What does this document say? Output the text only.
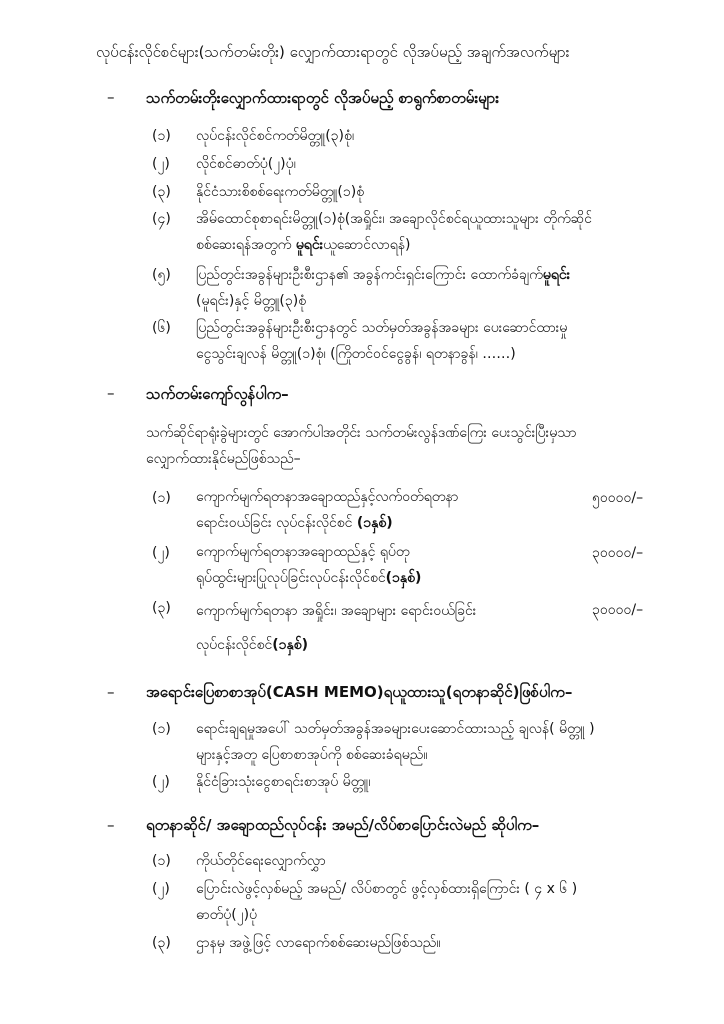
လုပ်ငန်းလိုင်စင်များ(သက်တမ်းတိုး) လျှောက်ထားရာတွင် လိုအပ်မည့် အချက်အလက်များ
– သက်တမ်းတိုးလျှောက်ထားရာတွင် လိုအပ်မည့် စာရွက်စာတမ်းများ
(၁) လုပ်ငန်းလိုင်စင်ကတ်မိတ္တူ(၃)စုံ၊
(၂) လိုင်စင်ဓာတ်ပုံ(၂)ပုံ၊
(၃) နိုင်ငံသားစိစစ်ရေးကတ်မိတ္တူ(၁)စုံ
(၄) အိမ်ထောင်စုစာရင်းမိတ္တူ(၁)စုံ(အရှိုင်း၊ အချောလိုင်စင်ရယူထားသူများ တိုက်ဆိုင်
စစ်ဆေးရန်အတွက် မူရင်းယူဆောင်လာရန်)
(၅) ပြည်တွင်းအခွန်များဦးစီးဌာန၏ အခွန်ကင်းရှင်းကြောင်း ထောက်ခံချက်မူရင်း
(မူရင်း)နှင့် မိတ္တူ(၃)စုံ
(၆) ပြည်တွင်းအခွန်များဦးစီးဌာနတွင် သတ်မှတ်အခွန်အခများ ပေးဆောင်ထားမှု
ငွေသွင်းချလန် မိတ္တူ(၁)စုံ၊ (ကြိုတင်ဝင်ငွေခွန်၊ ရတနာခွန်၊ ……)
– သက်တမ်းကျော်လွန်ပါက–
သက်ဆိုင်ရာရုံးခွဲများတွင် အောက်ပါအတိုင်း သက်တမ်းလွန်ဒဏ်ကြေး ပေးသွင်းပြီးမှသာ
လျှောက်ထားနိုင်မည်ဖြစ်သည်–
(၁) ကျောက်မျက်ရတနာအချောထည်နှင့်လက်ဝတ်ရတနာ
ရောင်းဝယ်ခြင်း လုပ်ငန်းလိုင်စင် (၁နှစ်)
၅၀၀၀၀/–
(၂) ကျောက်မျက်ရတနာအချောထည်နှင့် ရုပ်တု
ရုပ်ထွင်းများပြုလုပ်ခြင်းလုပ်ငန်းလိုင်စင်(၁နှစ်)
၃၀၀၀၀/–
(၃) ကျောက်မျက်ရတနာ အရှိုင်း၊ အချောများ ရောင်းဝယ်ခြင်း
လုပ်ငန်းလိုင်စင်(၁နှစ်)
၃၀၀၀၀/–
– အရောင်းပြေစာစာအုပ်(CASH MEMO)ရယူထားသူ(ရတနာဆိုင်)ဖြစ်ပါက–
(၁) ရောင်းချရမှုအပေါ် သတ်မှတ်အခွန်အခများပေးဆောင်ထားသည့် ချလန်( မိတ္တူ )
များနှင့်အတူ ပြေစာစာအုပ်ကို စစ်ဆေးခံရမည်။
(၂) နိုင်ငံခြားသုံးငွေစာရင်းစာအုပ် မိတ္တူ၊
– ရတနာဆိုင်/ အချောထည်လုပ်ငန်း အမည်/လိပ်စာပြောင်းလဲမည် ဆိုပါက–
(၁) ကိုယ်တိုင်ရေးလျှောက်လွှာ
(၂) ပြောင်းလဲဖွင့်လှစ်မည့် အမည်/ လိပ်စာတွင် ဖွင့်လှစ်ထားရှိကြောင်း ( ၄ x ၆ )
ဓာတ်ပုံ(၂)ပုံ
(၃) ဌာနမှ အဖွဲ့ဖြင့် လာရောက်စစ်ဆေးမည်ဖြစ်သည်။
